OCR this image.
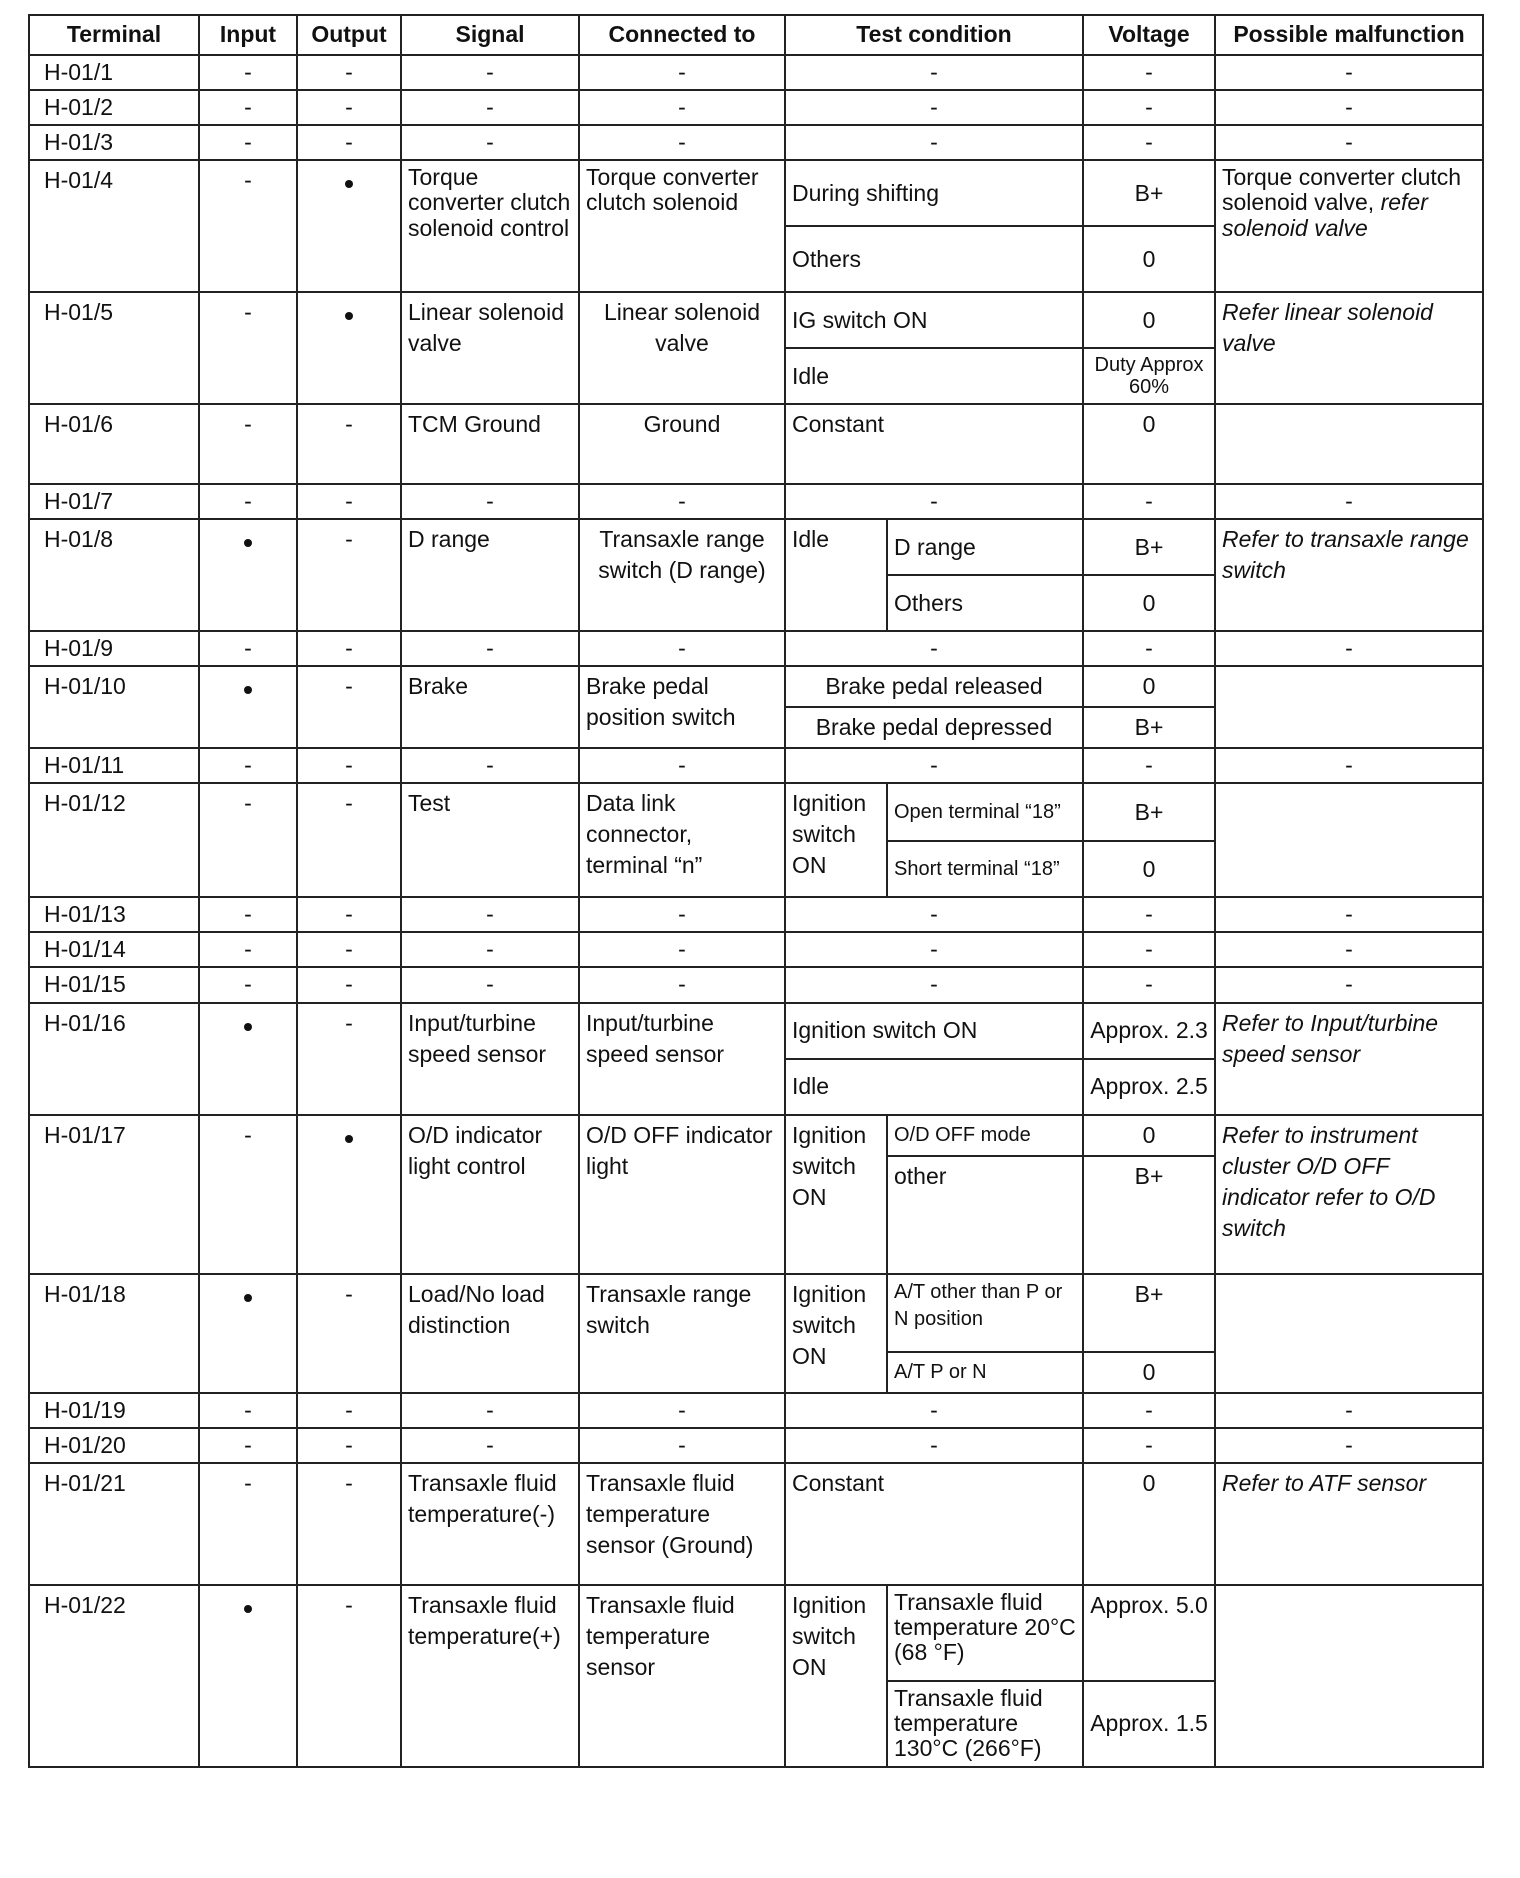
Terminal	Input	Output	Signal	Connected to	Test condition		Voltage	Possible malfunction
H-01/1	-	-	-	-	-		-	-
H-01/2	-	-	-	-	-		-	-
H-01/3	-	-	-	-	-		-	-
H-01/4	-		Torque converter clutch solenoid control	Torque converter clutch solenoid	During shifting		B+	Torque converter clutch solenoid valve, refer solenoid valve
					Others		0	
H-01/5	-		Linear solenoid valve	Linear solenoid valve	IG switch ON		0	Refer linear solenoid valve
					Idle		Duty Approx 60%	
H-01/6	-	-	TCM Ground	Ground	Constant		0	
H-01/7	-	-	-	-	-		-	-
H-01/8		-	D range	Transaxle range switch (D range)	Idle	D range	B+	Refer to transaxle range switch
						Others	0	
H-01/9	-	-	-	-	-		-	-
H-01/10		-	Brake	Brake pedal position switch	Brake pedal released		0	
					Brake pedal depressed		B+	
H-01/11	-	-	-	-	-		-	-
H-01/12	-	-	Test	Data link connector, terminal “n”	Ignition switch ON	Open terminal “18”	B+	
						Short terminal “18”	0	
H-01/13	-	-	-	-	-		-	-
H-01/14	-	-	-	-	-		-	-
H-01/15	-	-	-	-	-		-	-
H-01/16		-	Input/turbine speed sensor	Input/turbine speed sensor	Ignition switch ON		Approx. 2.3	Refer to Input/turbine speed sensor
					Idle		Approx. 2.5	
H-01/17	-		O/D indicator light control	O/D OFF indicator light	Ignition switch ON	O/D OFF mode	0	Refer to instrument cluster O/D OFF indicator refer to O/D switch
						other	B+	
H-01/18		-	Load/No load distinction	Transaxle range switch	Ignition switch ON	A/T other than P or N position	B+	
						A/T P or N	0	
H-01/19	-	-	-	-	-		-	-
H-01/20	-	-	-	-	-		-	-
H-01/21	-	-	Transaxle fluid temperature(-)	Transaxle fluid temperature sensor (Ground)	Constant		0	Refer to ATF sensor
H-01/22		-	Transaxle fluid temperature(+)	Transaxle fluid temperature sensor	Ignition switch ON	Transaxle fluid temperature 20°C (68 °F)	Approx. 5.0	
						Transaxle fluid temperature 130°C (266°F)	Approx. 1.5	
